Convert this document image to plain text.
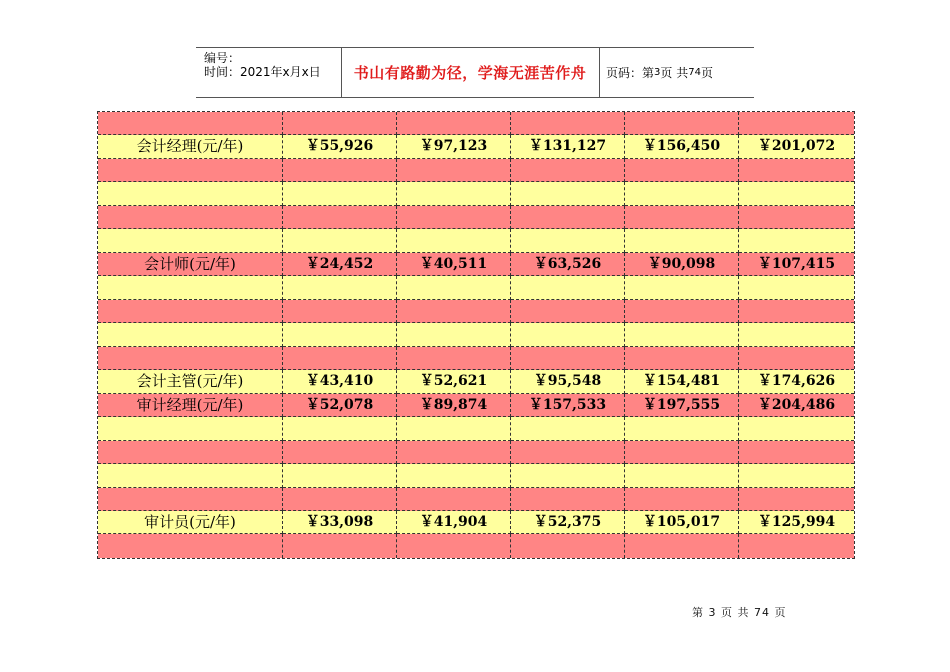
编号：
时间：2021年x月x日	书山有路勤为径，学海无涯苦作舟	页码：第 3 页 共 74 页
会计经理(元/年)	￥55,926	￥97,123	￥131,127	￥156,450	￥201,072
会计师(元/年)	￥24,452	￥40,511	￥63,526	￥90,098	￥107,415
会计主管(元/年)	￥43,410	￥52,621	￥95,548	￥154,481	￥174,626
审计经理(元/年)	￥52,078	￥89,874	￥157,533	￥197,555	￥204,486
审计员(元/年)	￥33,098	￥41,904	￥52,375	￥105,017	￥125,994
第 3 页 共 74 页
